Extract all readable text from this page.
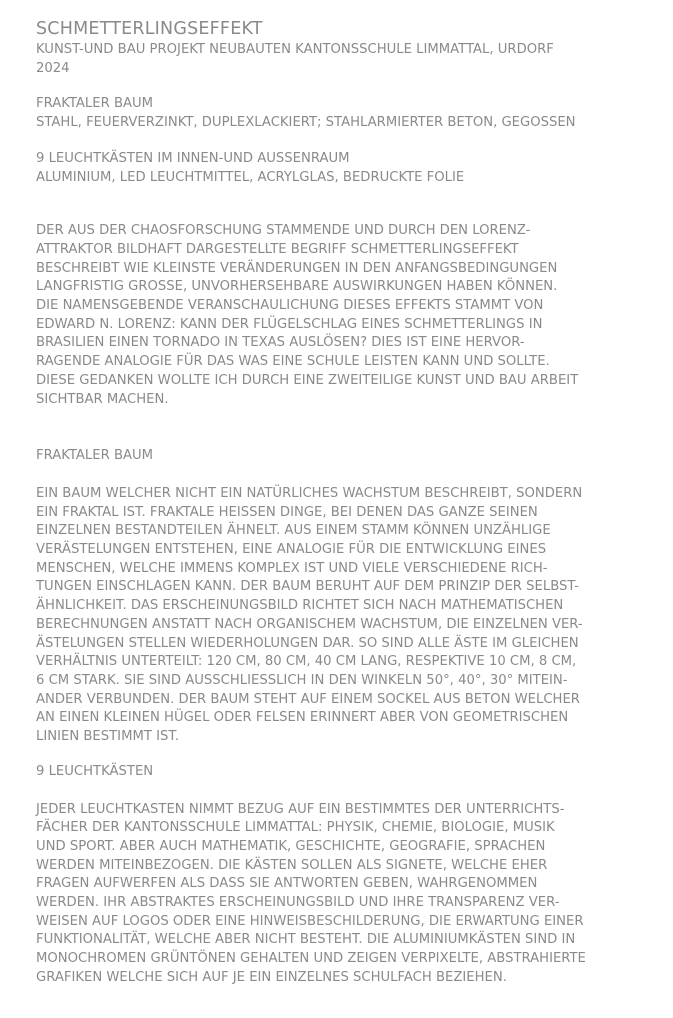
SCHMETTERLINGSEFFEKT

KUNST-UND BAU PROJEKT NEUBAUTEN KANTONSSCHULE LIMMATTAL, URDORF

2024

FRAKTALER BAUM

STAHL, FEUERVERZINKT, DUPLEXLACKIERT; STAHLARMIERTER BETON, GEGOSSEN

9 LEUCHTKÄSTEN IM INNEN-UND AUSSENRAUM

ALUMINIUM, LED LEUCHTMITTEL, ACRYLGLAS, BEDRUCKTE FOLIE

DER AUS DER CHAOSFORSCHUNG STAMMENDE UND DURCH DEN LORENZ-

ATTRAKTOR BILDHAFT DARGESTELLTE BEGRIFF SCHMETTERLINGSEFFEKT

BESCHREIBT WIE KLEINSTE VERÄNDERUNGEN IN DEN ANFANGSBEDINGUNGEN

LANGFRISTIG GROSSE, UNVORHERSEHBARE AUSWIRKUNGEN HABEN KÖNNEN.

DIE NAMENSGEBENDE VERANSCHAULICHUNG DIESES EFFEKTS STAMMT VON

EDWARD N. LORENZ: KANN DER FLÜGELSCHLAG EINES SCHMETTERLINGS IN

BRASILIEN EINEN TORNADO IN TEXAS AUSLÖSEN? DIES IST EINE HERVOR-

RAGENDE ANALOGIE FÜR DAS WAS EINE SCHULE LEISTEN KANN UND SOLLTE.

DIESE GEDANKEN WOLLTE ICH DURCH EINE ZWEITEILIGE KUNST UND BAU ARBEIT

SICHTBAR MACHEN.

FRAKTALER BAUM

EIN BAUM WELCHER NICHT EIN NATÜRLICHES WACHSTUM BESCHREIBT, SONDERN

EIN FRAKTAL IST. FRAKTALE HEISSEN DINGE, BEI DENEN DAS GANZE SEINEN

EINZELNEN BESTANDTEILEN ÄHNELT. AUS EINEM STAMM KÖNNEN UNZÄHLIGE

VERÄSTELUNGEN ENTSTEHEN, EINE ANALOGIE FÜR DIE ENTWICKLUNG EINES

MENSCHEN, WELCHE IMMENS KOMPLEX IST UND VIELE VERSCHIEDENE RICH-

TUNGEN EINSCHLAGEN KANN. DER BAUM BERUHT AUF DEM PRINZIP DER SELBST-

ÄHNLICHKEIT. DAS ERSCHEINUNGSBILD RICHTET SICH NACH MATHEMATISCHEN

BERECHNUNGEN ANSTATT NACH ORGANISCHEM WACHSTUM, DIE EINZELNEN VER-

ÄSTELUNGEN STELLEN WIEDERHOLUNGEN DAR. SO SIND ALLE ÄSTE IM GLEICHEN

VERHÄLTNIS UNTERTEILT: 120 CM, 80 CM, 40 CM LANG, RESPEKTIVE 10 CM, 8 CM,

6 CM STARK. SIE SIND AUSSCHLIESSLICH IN DEN WINKELN 50°, 40°, 30° MITEIN-

ANDER VERBUNDEN. DER BAUM STEHT AUF EINEM SOCKEL AUS BETON WELCHER

AN EINEN KLEINEN HÜGEL ODER FELSEN ERINNERT ABER VON GEOMETRISCHEN

LINIEN BESTIMMT IST.

9 LEUCHTKÄSTEN

JEDER LEUCHTKASTEN NIMMT BEZUG AUF EIN BESTIMMTES DER UNTERRICHTS-

FÄCHER DER KANTONSSCHULE LIMMATTAL: PHYSIK, CHEMIE, BIOLOGIE, MUSIK

UND SPORT. ABER AUCH MATHEMATIK, GESCHICHTE, GEOGRAFIE, SPRACHEN

WERDEN MITEINBEZOGEN. DIE KÄSTEN SOLLEN ALS SIGNETE, WELCHE EHER

FRAGEN AUFWERFEN ALS DASS SIE ANTWORTEN GEBEN, WAHRGENOMMEN

WERDEN. IHR ABSTRAKTES ERSCHEINUNGSBILD UND IHRE TRANSPARENZ VER-

WEISEN AUF LOGOS ODER EINE HINWEISBESCHILDERUNG, DIE ERWARTUNG EINER

FUNKTIONALITÄT, WELCHE ABER NICHT BESTEHT. DIE ALUMINIUMKÄSTEN SIND IN

MONOCHROMEN GRÜNTÖNEN GEHALTEN UND ZEIGEN VERPIXELTE, ABSTRAHIERTE

GRAFIKEN WELCHE SICH AUF JE EIN EINZELNES SCHULFACH BEZIEHEN.
